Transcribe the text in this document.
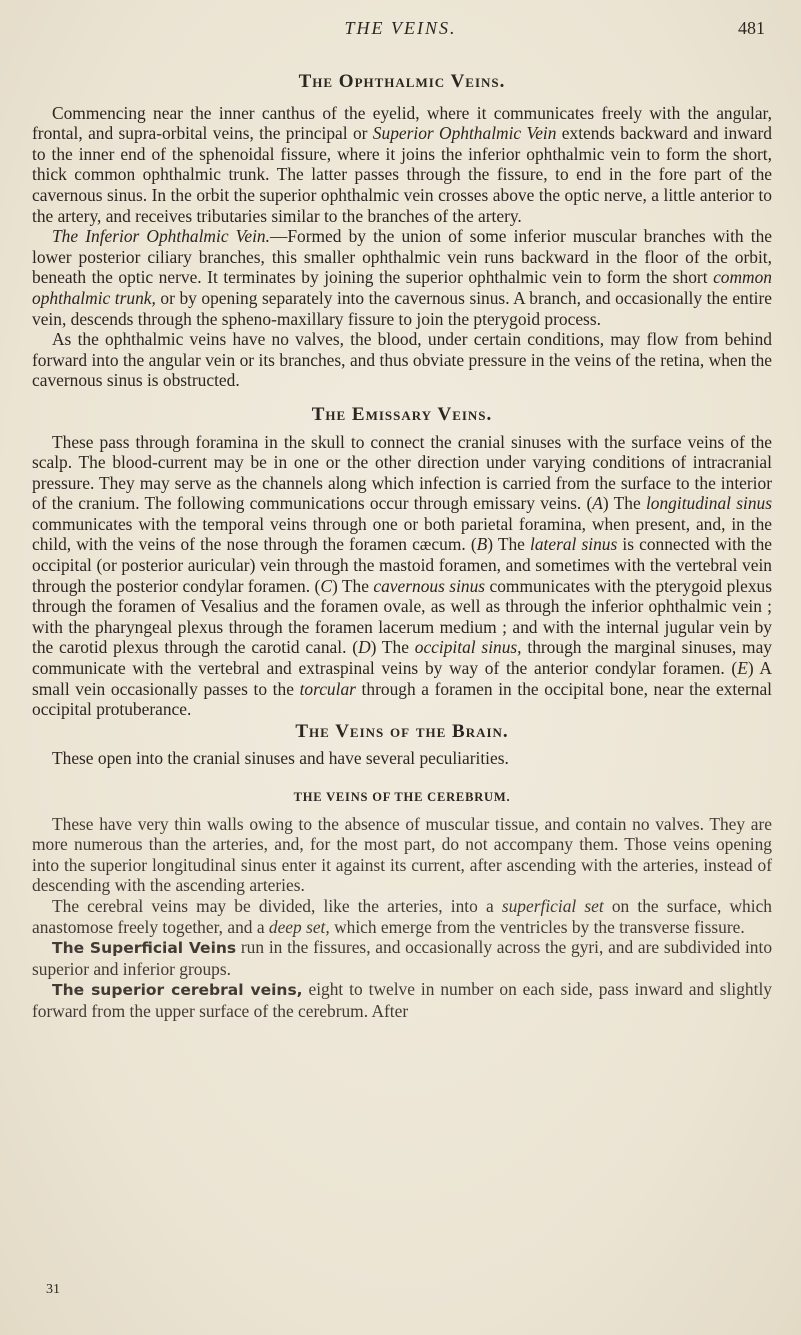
THE VEINS.	481
The Ophthalmic Veins.

Commencing near the inner canthus of the eyelid, where it communicates freely with the angular, frontal, and supra-orbital veins, the principal or Superior Ophthalmic Vein extends backward and inward to the inner end of the sphenoidal fissure, where it joins the inferior ophthalmic vein to form the short, thick common ophthalmic trunk. The latter passes through the fissure, to end in the fore part of the cavernous sinus. In the orbit the superior ophthalmic vein crosses above the optic nerve, a little anterior to the artery, and receives tributaries similar to the branches of the artery.

The Inferior Ophthalmic Vein.—Formed by the union of some inferior muscular branches with the lower posterior ciliary branches, this smaller ophthalmic vein runs backward in the floor of the orbit, beneath the optic nerve. It terminates by joining the superior ophthalmic vein to form the short common ophthalmic trunk, or by opening separately into the cavernous sinus. A branch, and occasionally the entire vein, descends through the spheno-maxillary fissure to join the pterygoid process.

As the ophthalmic veins have no valves, the blood, under certain conditions, may flow from behind forward into the angular vein or its branches, and thus obviate pressure in the veins of the retina, when the cavernous sinus is obstructed.

The Emissary Veins.

These pass through foramina in the skull to connect the cranial sinuses with the surface veins of the scalp. The blood-current may be in one or the other direction under varying conditions of intracranial pressure. They may serve as the channels along which infection is carried from the surface to the interior of the cranium. The following communications occur through emissary veins. (A) The longitudinal sinus communicates with the temporal veins through one or both parietal foramina, when present, and, in the child, with the veins of the nose through the foramen cæcum. (B) The lateral sinus is connected with the occipital (or posterior auricular) vein through the mastoid foramen, and sometimes with the vertebral vein through the posterior condylar foramen. (C) The cavernous sinus communicates with the pterygoid plexus through the foramen of Vesalius and the foramen ovale, as well as through the inferior ophthalmic vein ; with the pharyngeal plexus through the foramen lacerum medium ; and with the internal jugular vein by the carotid plexus through the carotid canal. (D) The occipital sinus, through the marginal sinuses, may communicate with the vertebral and extraspinal veins by way of the anterior condylar foramen. (E) A small vein occasionally passes to the torcular through a foramen in the occipital bone, near the external occipital protuberance.

The Veins of the Brain.

These open into the cranial sinuses and have several peculiarities.

THE VEINS OF THE CEREBRUM.

These have very thin walls owing to the absence of muscular tissue, and contain no valves. They are more numerous than the arteries, and, for the most part, do not accompany them. Those veins opening into the superior longitudinal sinus enter it against its current, after ascending with the arteries, instead of descending with the ascending arteries.

The cerebral veins may be divided, like the arteries, into a superficial set on the surface, which anastomose freely together, and a deep set, which emerge from the ventricles by the transverse fissure.

The Superficial Veins run in the fissures, and occasionally across the gyri, and are subdivided into superior and inferior groups.

The superior cerebral veins, eight to twelve in number on each side, pass inward and slightly forward from the upper surface of the cerebrum. After

31
